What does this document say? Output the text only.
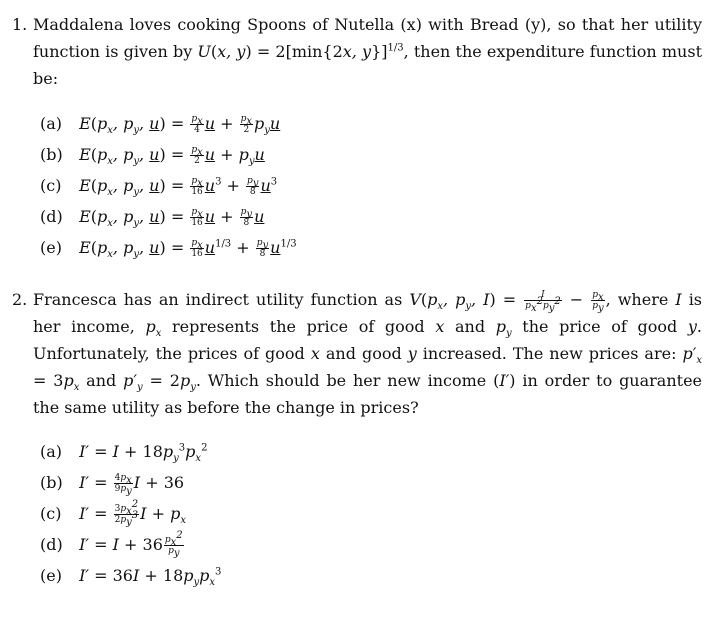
1. Maddalena loves cooking Spoons of Nutella (x) with Bread (y), so that her utility function is given by U(x, y) = 2[min{2x, y}]$^{1/3}$, then the expenditure function must be:
(a) $E(p_x$, $p_y$, $u) = \frac{p_x}{4}$ $u + \frac{p_x}{2} p_yu$
(b) $E(p_x$, $p_y$, $u) = \frac{p_x}{2}$ $u + p_yu$
(c) $E(p_x$, $p_y$, $u) = \frac{p_x}{16} u^3 + \frac{p_y}{8} u^3$
(d) $E(p_x$, $p_y$, $u) = \frac{p_x}{16}$ $u + \frac{p_y}{8}$ u
(e) $E(p_x$, $p_y$, $u) = \frac{p_x}{16} u^{1/3} + \frac{p_y}{8} u^{1/3}$
2. Francesca has an indirect utility function as $V(p_x$, $p_y$, $I) = \frac{I}{p_x^2p_y^2} - \frac{p_x}{p_y}$ , where I is her income, $p_x$ represents the price of good x and $p_y$ the price of good y. Unfortunately, the prices of good x and good y increased. The new prices are: $p'_x = 3p_x$ and $p'_y = 2p_y$. Which should be her new income (I′) in order to guarantee the same utility as before the change in prices?
(a) $I' = I + 18p_y^3p_x^2$
(b) $I' = \frac{4p_x}{9p_y}$ I + 36
(c) $I' = \frac{3p_x^2}{2p_y^3}$ $I + p_x$
(d) $I' = I + 36 \frac{p_x^2}{p_y}$
(e) $I' = 36I + 18p_yp_x^3$
